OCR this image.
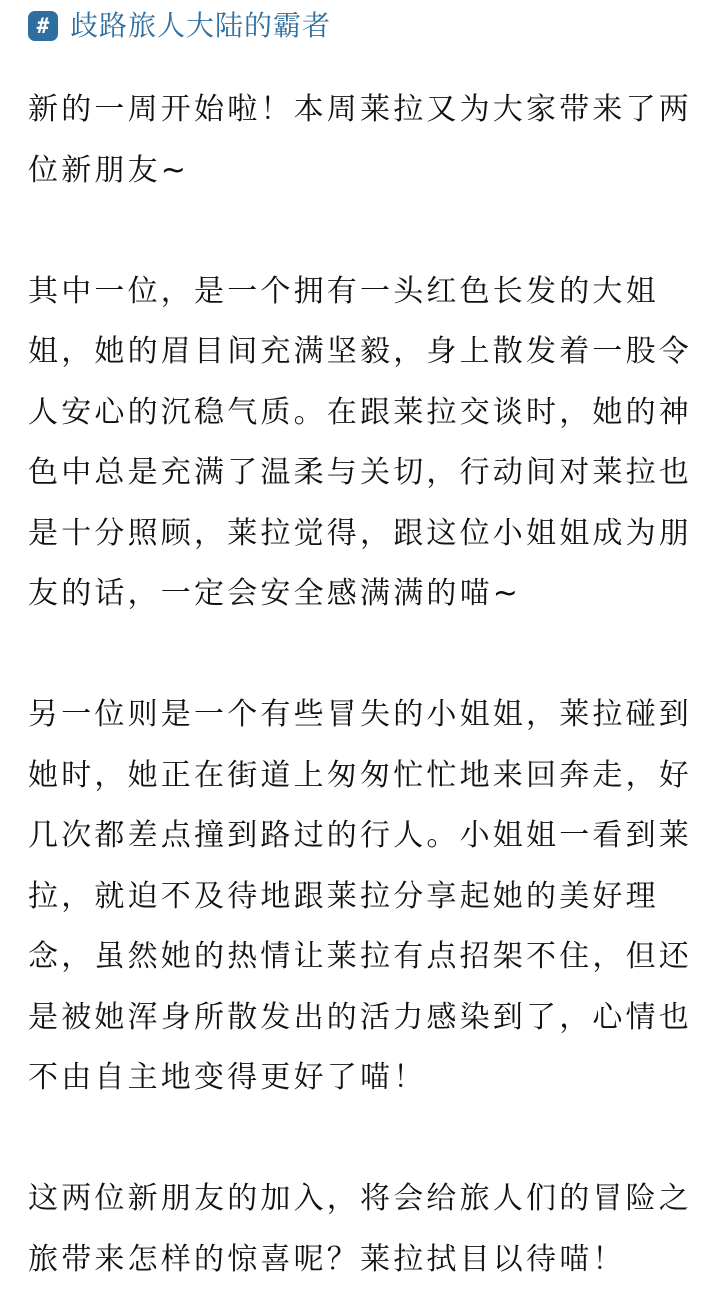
# 歧路旅人大陆的霸者

新的一周开始啦！本周莱拉又为大家带来了两位新朋友~

其中一位，是一个拥有一头红色长发的大姐姐，她的眉目间充满坚毅，身上散发着一股令人安心的沉稳气质。在跟莱拉交谈时，她的神色中总是充满了温柔与关切，行动间对莱拉也是十分照顾，莱拉觉得，跟这位小姐姐成为朋友的话，一定会安全感满满的喵~

另一位则是一个有些冒失的小姐姐，莱拉碰到她时，她正在街道上匆匆忙忙地来回奔走，好几次都差点撞到路过的行人。小姐姐一看到莱拉，就迫不及待地跟莱拉分享起她的美好理念，虽然她的热情让莱拉有点招架不住，但还是被她浑身所散发出的活力感染到了，心情也不由自主地变得更好了喵！

这两位新朋友的加入，将会给旅人们的冒险之旅带来怎样的惊喜呢？莱拉拭目以待喵！
